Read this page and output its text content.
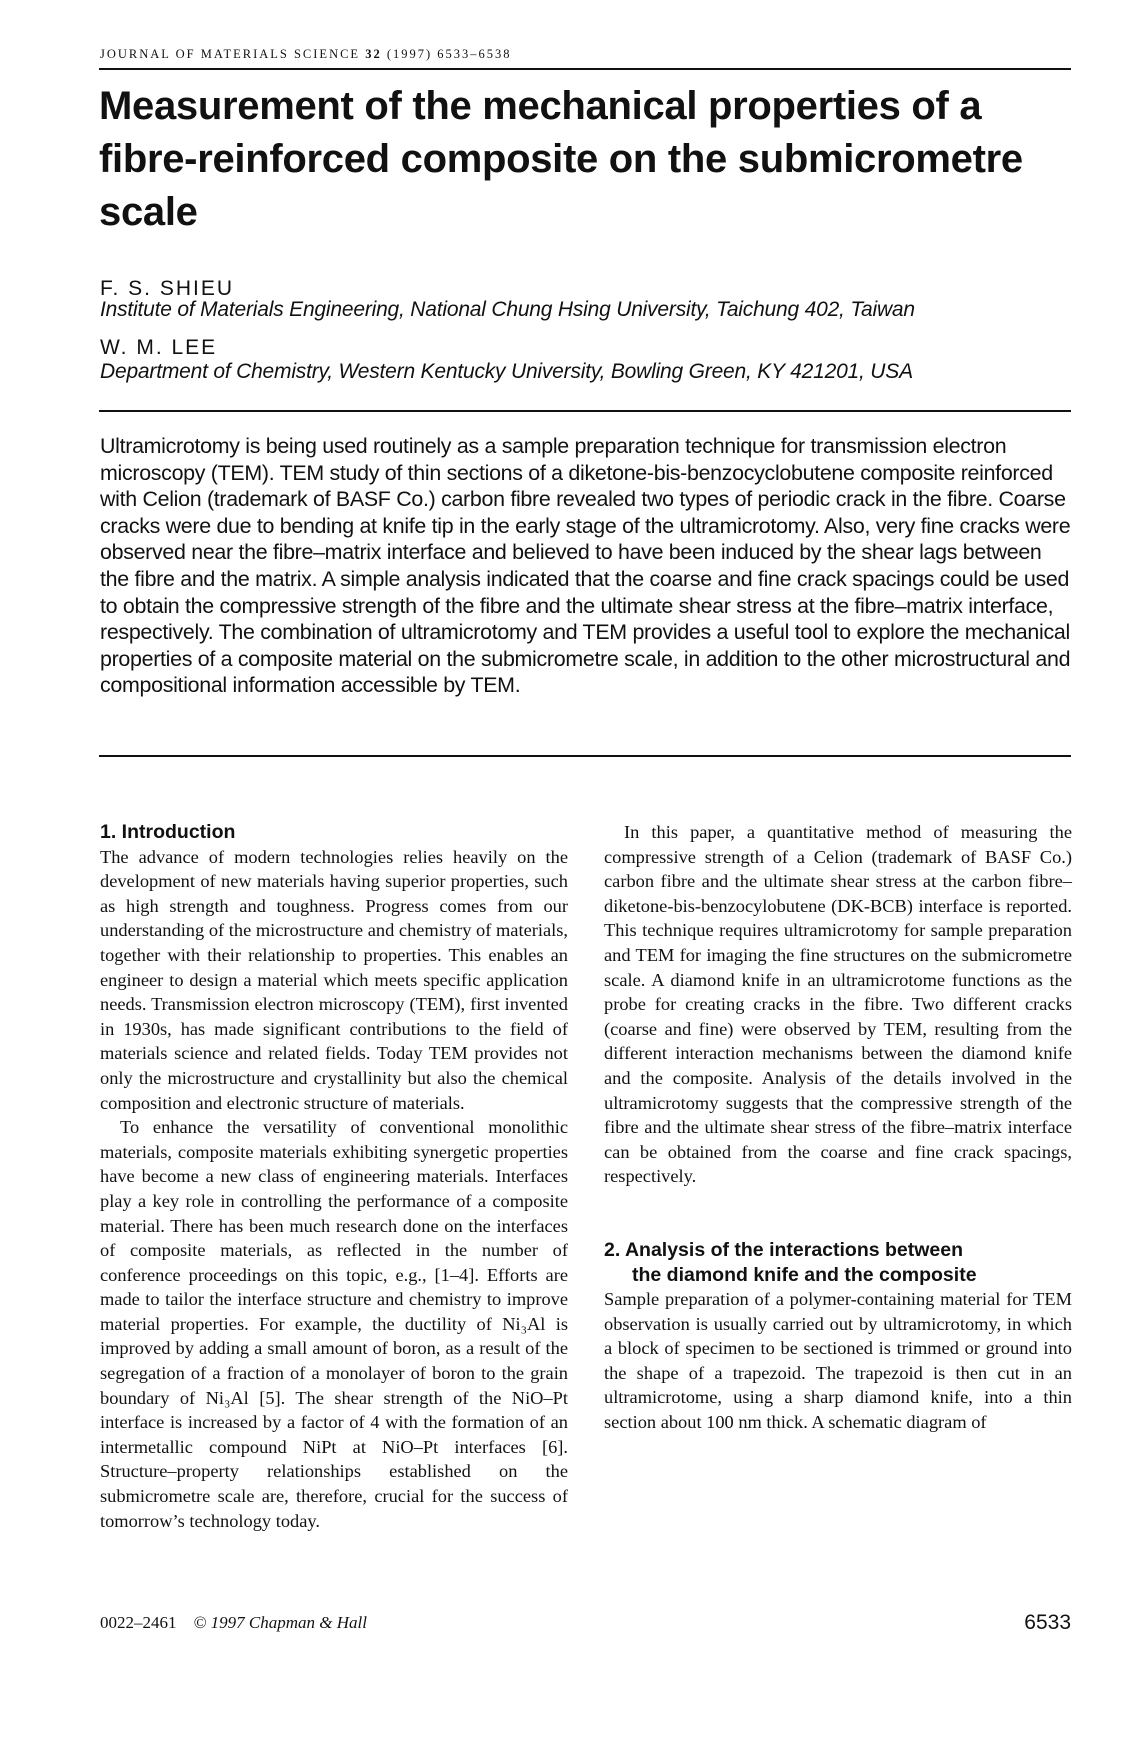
JOURNAL OF MATERIALS SCIENCE 32 (1997) 6533–6538
Measurement of the mechanical properties of a fibre-reinforced composite on the submicrometre scale
F. S. SHIEU
Institute of Materials Engineering, National Chung Hsing University, Taichung 402, Taiwan
W. M. LEE
Department of Chemistry, Western Kentucky University, Bowling Green, KY 421201, USA

Ultramicrotomy is being used routinely as a sample preparation technique for transmission electron microscopy (TEM). TEM study of thin sections of a diketone-bis-benzocyclobutene composite reinforced with Celion (trademark of BASF Co.) carbon fibre revealed two types of periodic crack in the fibre. Coarse cracks were due to bending at knife tip in the early stage of the ultramicrotomy. Also, very fine cracks were observed near the fibre–matrix interface and believed to have been induced by the shear lags between the fibre and the matrix. A simple analysis indicated that the coarse and fine crack spacings could be used to obtain the compressive strength of the fibre and the ultimate shear stress at the fibre–matrix interface, respectively. The combination of ultramicrotomy and TEM provides a useful tool to explore the mechanical properties of a composite material on the submicrometre scale, in addition to the other microstructural and compositional information accessible by TEM.

1. Introduction

The advance of modern technologies relies heavily on the development of new materials having superior properties, such as high strength and toughness. Progress comes from our understanding of the microstructure and chemistry of materials, together with their relationship to properties. This enables an engineer to design a material which meets specific application needs. Transmission electron microscopy (TEM), first invented in 1930s, has made significant contributions to the field of materials science and related fields. Today TEM provides not only the microstructure and crystallinity but also the chemical composition and electronic structure of materials.

To enhance the versatility of conventional monolithic materials, composite materials exhibiting synergetic properties have become a new class of engineering materials. Interfaces play a key role in controlling the performance of a composite material. There has been much research done on the interfaces of composite materials, as reflected in the number of conference proceedings on this topic, e.g., [1–4]. Efforts are made to tailor the interface structure and chemistry to improve material properties. For example, the ductility of Ni₃Al is improved by adding a small amount of boron, as a result of the segregation of a fraction of a monolayer of boron to the grain boundary of Ni₃Al [5]. The shear strength of the NiO–Pt interface is increased by a factor of 4 with the formation of an intermetallic compound NiPt at NiO–Pt interfaces [6]. Structure–property relationships established on the submicrometre scale are, therefore, crucial for the success of tomorrow’s technology today.

In this paper, a quantitative method of measuring the compressive strength of a Celion (trademark of BASF Co.) carbon fibre and the ultimate shear stress at the carbon fibre–diketone-bis-benzocylobutene (DK-BCB) interface is reported. This technique requires ultramicrotomy for sample preparation and TEM for imaging the fine structures on the submicrometre scale. A diamond knife in an ultramicrotome functions as the probe for creating cracks in the fibre. Two different cracks (coarse and fine) were observed by TEM, resulting from the different interaction mechanisms between the diamond knife and the composite. Analysis of the details involved in the ultramicrotomy suggests that the compressive strength of the fibre and the ultimate shear stress of the fibre–matrix interface can be obtained from the coarse and fine crack spacings, respectively.

2. Analysis of the interactions between
the diamond knife and the composite

Sample preparation of a polymer-containing material for TEM observation is usually carried out by ultramicrotomy, in which a block of specimen to be sectioned is trimmed or ground into the shape of a trapezoid. The trapezoid is then cut in an ultramicrotome, using a sharp diamond knife, into a thin section about 100 nm thick. A schematic diagram of

0022–2461 © 1997 Chapman & Hall	6533
